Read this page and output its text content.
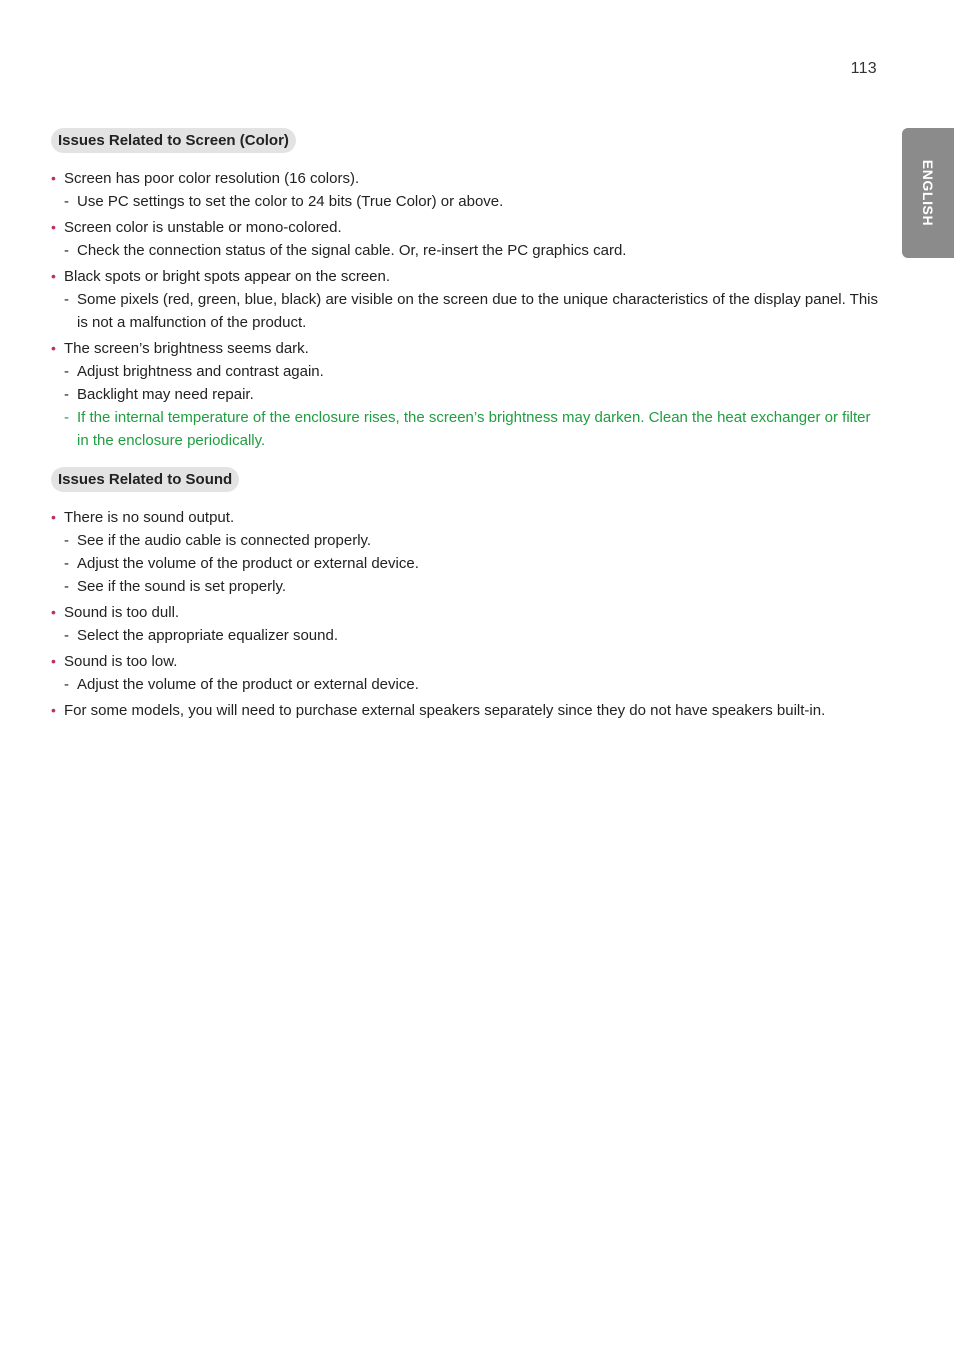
113
ENGLISH
Issues Related to Screen (Color)
• Screen has poor color resolution (16 colors).
- Use PC settings to set the color to 24 bits (True Color) or above.
• Screen color is unstable or mono-colored.
- Check the connection status of the signal cable. Or, re-insert the PC graphics card.
• Black spots or bright spots appear on the screen.
- Some pixels (red, green, blue, black) are visible on the screen due to the unique characteristics of the display panel. This is not a malfunction of the product.
• The screen’s brightness seems dark.
- Adjust brightness and contrast again.
- Backlight may need repair.
- If the internal temperature of the enclosure rises, the screen’s brightness may darken. Clean the heat exchanger or filter in the enclosure periodically.
Issues Related to Sound
• There is no sound output.
- See if the audio cable is connected properly.
- Adjust the volume of the product or external device.
- See if the sound is set properly.
• Sound is too dull.
- Select the appropriate equalizer sound.
• Sound is too low.
- Adjust the volume of the product or external device.
• For some models, you will need to purchase external speakers separately since they do not have speakers built-in.
